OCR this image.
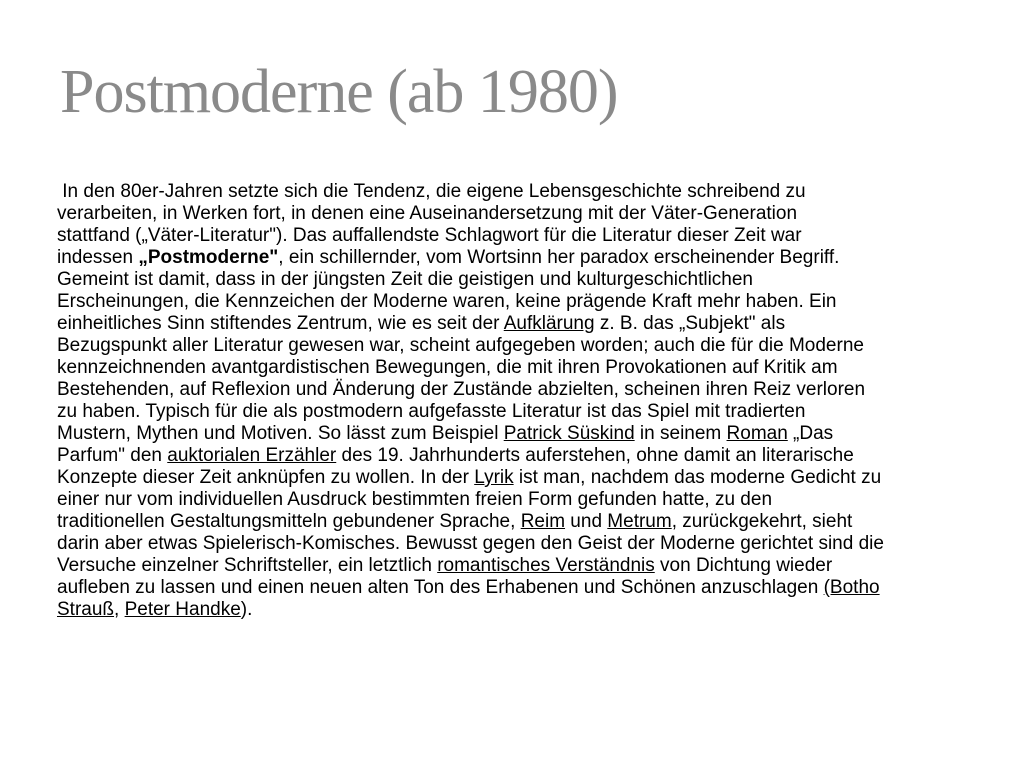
Postmoderne (ab 1980)
In den 80er-Jahren setzte sich die Tendenz, die eigene Lebensgeschichte schreibend zu
verarbeiten, in Werken fort, in denen eine Auseinandersetzung mit der Väter-Generation
stattfand („Väter-Literatur"). Das auffallendste Schlagwort für die Literatur dieser Zeit war
indessen „Postmoderne", ein schillernder, vom Wortsinn her paradox erscheinender Begriff.
Gemeint ist damit, dass in der jüngsten Zeit die geistigen und kulturgeschichtlichen
Erscheinungen, die Kennzeichen der Moderne waren, keine prägende Kraft mehr haben. Ein
einheitliches Sinn stiftendes Zentrum, wie es seit der Aufklärung z. B. das „Subjekt" als
Bezugspunkt aller Literatur gewesen war, scheint aufgegeben worden; auch die für die Moderne
kennzeichnenden avantgardistischen Bewegungen, die mit ihren Provokationen auf Kritik am
Bestehenden, auf Reflexion und Änderung der Zustände abzielten, scheinen ihren Reiz verloren
zu haben. Typisch für die als postmodern aufgefasste Literatur ist das Spiel mit tradierten
Mustern, Mythen und Motiven. So lässt zum Beispiel Patrick Süskind in seinem Roman „Das
Parfum" den auktorialen Erzähler des 19. Jahrhunderts auferstehen, ohne damit an literarische
Konzepte dieser Zeit anknüpfen zu wollen. In der Lyrik ist man, nachdem das moderne Gedicht zu
einer nur vom individuellen Ausdruck bestimmten freien Form gefunden hatte, zu den
traditionellen Gestaltungsmitteln gebundener Sprache, Reim und Metrum, zurückgekehrt, sieht
darin aber etwas Spielerisch-Komisches. Bewusst gegen den Geist der Moderne gerichtet sind die
Versuche einzelner Schriftsteller, ein letztlich romantisches Verständnis von Dichtung wieder
aufleben zu lassen und einen neuen alten Ton des Erhabenen und Schönen anzuschlagen (Botho
Strauß, Peter Handke).
